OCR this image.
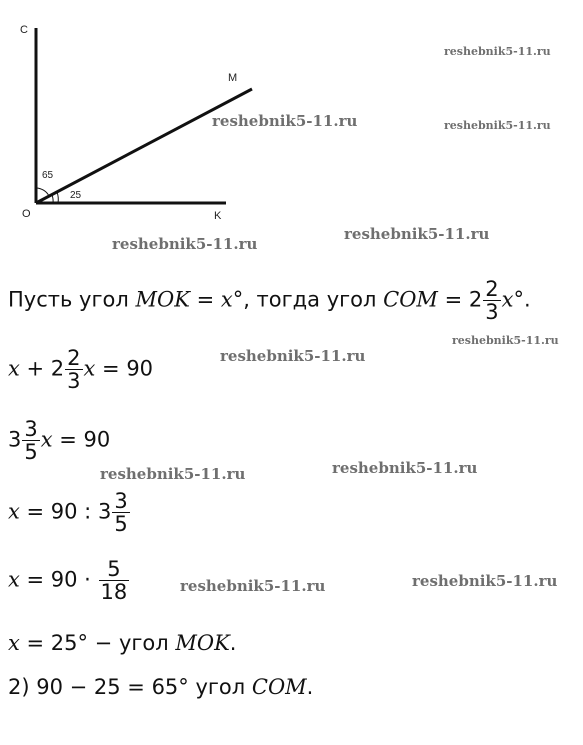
C
M
O	K
65
25
reshebnik5-11.ru
reshebnik5-11.ru	reshebnik5-11.ru
reshebnik5-11.ru
reshebnik5-11.ru
reshebnik5-11.ru
reshebnik5-11.ru
reshebnik5-11.ru
reshebnik5-11.ru
reshebnik5-11.ru
reshebnik5-11.ru
Пусть угол MOK = x°, тогда угол COM = $2 \frac{2}{3} x^\circ$.
$x + 2 \frac{2}{3}$ x = 90
$3 \frac{3}{5}$ x = 90
x = 90 : $3 \frac{3}{5}$
$x = 90 \cdot \frac{5}{18}$
x = 25° − угол MOK.
2) 90 − 25 = 65° угол COM.
